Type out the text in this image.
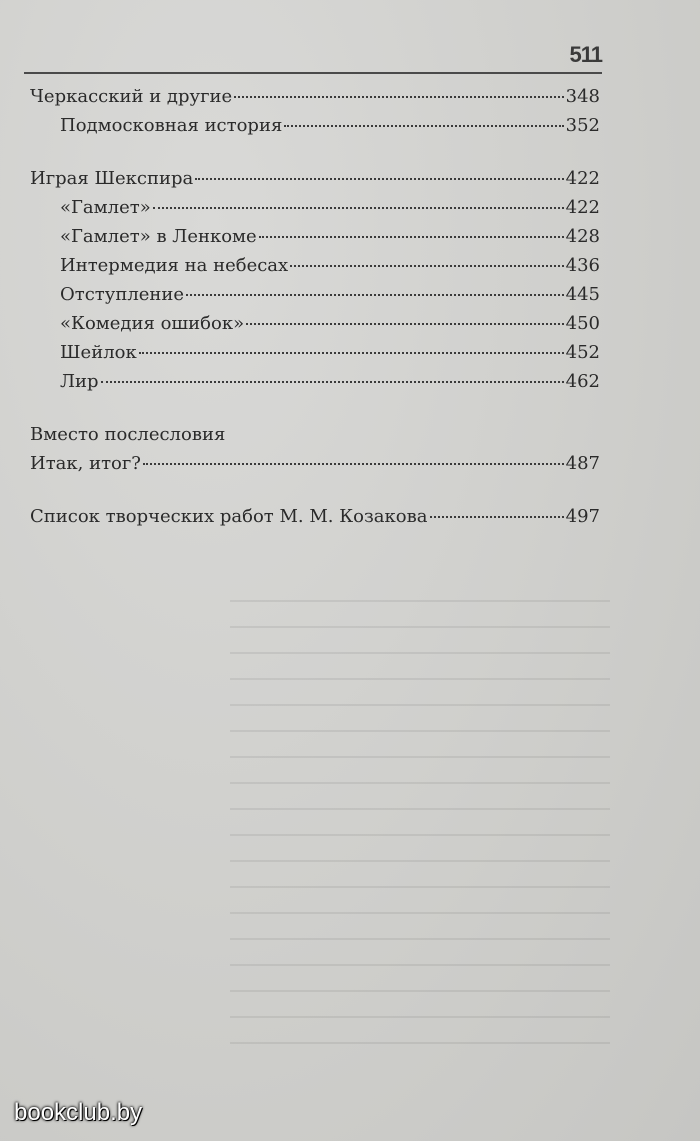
511
Черкасский и другие	348
Подмосковная история	352
Играя Шекспира	422
«Гамлет»	422
«Гамлет» в Ленкоме	428
Интермедия на небесах	436
Отступление	445
«Комедия ошибок»	450
Шейлок	452
Лир	462
Вместо послесловия
Итак, итог?	487
Список творческих работ М. М. Козакова	497
bookclub.by
